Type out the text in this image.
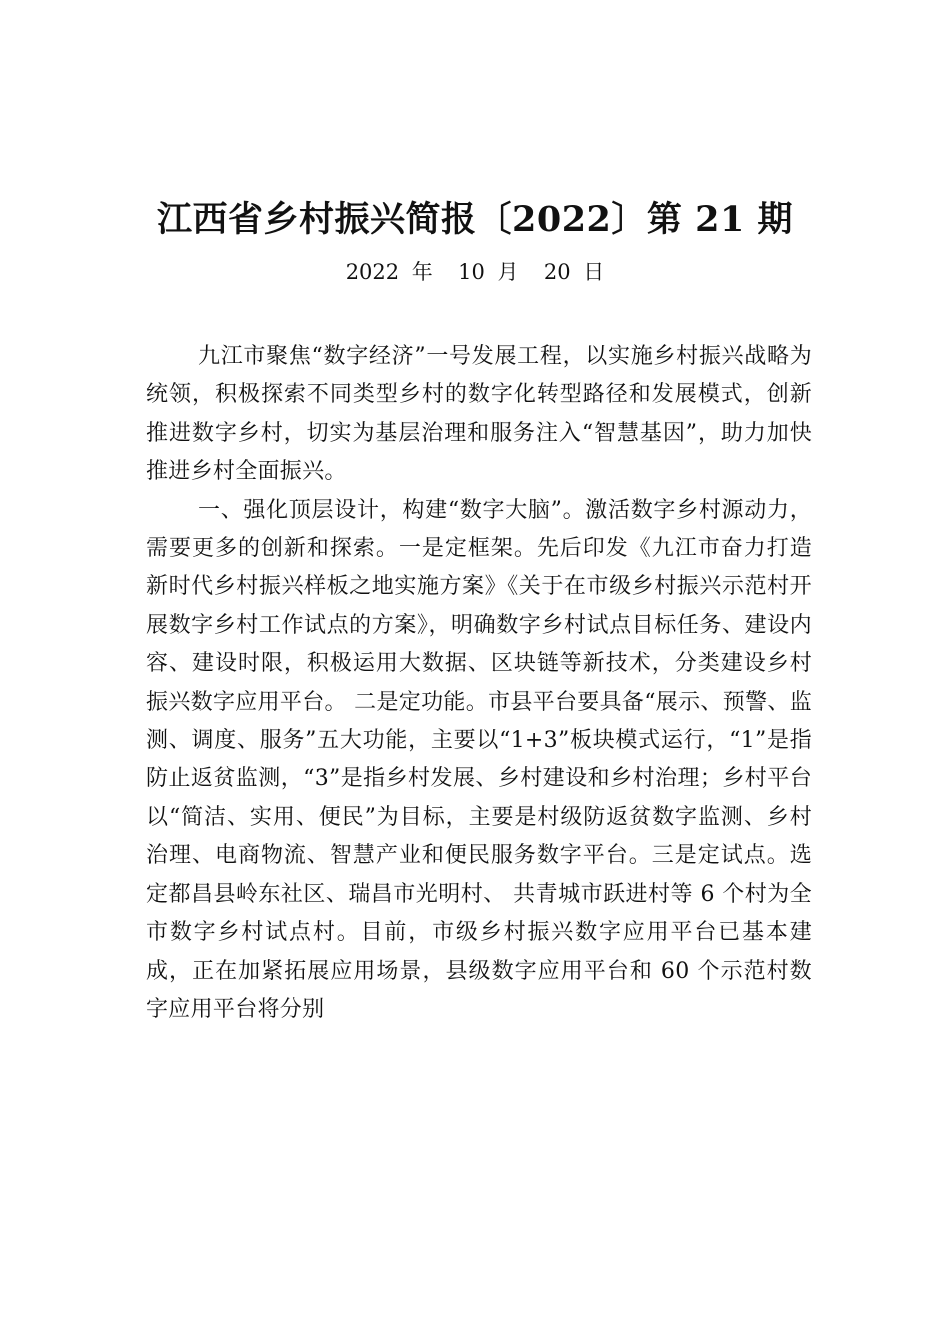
江西省乡村振兴简报〔2022〕第 21 期
2022 年  10 月  20 日

九江市聚焦“数字经济”一号发展工程，以实施乡村振兴战略为统领，积极探索不同类型乡村的数字化转型路径和发展模式，创新推进数字乡村，切实为基层治理和服务注入“智慧基因”，助力加快推进乡村全面振兴。

一、强化顶层设计，构建“数字大脑”。激活数字乡村源动力，需要更多的创新和探索。一是定框架。先后印发《九江市奋力打造新时代乡村振兴样板之地实施方案》《关于在市级乡村振兴示范村开展数字乡村工作试点的方案》，明确数字乡村试点目标任务、建设内容、建设时限，积极运用大数据、区块链等新技术，分类建设乡村振兴数字应用平台。 二是定功能。市县平台要具备“展示、预警、监测、调度、服务”五大功能，主要以“1+3”板块模式运行，“1”是指防止返贫监测，“3”是指乡村发展、乡村建设和乡村治理；乡村平台以“简洁、实用、便民”为目标，主要是村级防返贫数字监测、乡村治理、电商物流、智慧产业和便民服务数字平台。三是定试点。选定都昌县岭东社区、瑞昌市光明村、 共青城市跃进村等 6 个村为全市数字乡村试点村。目前，市级乡村振兴数字应用平台已基本建成，正在加紧拓展应用场景，县级数字应用平台和 60 个示范村数字应用平台将分别
